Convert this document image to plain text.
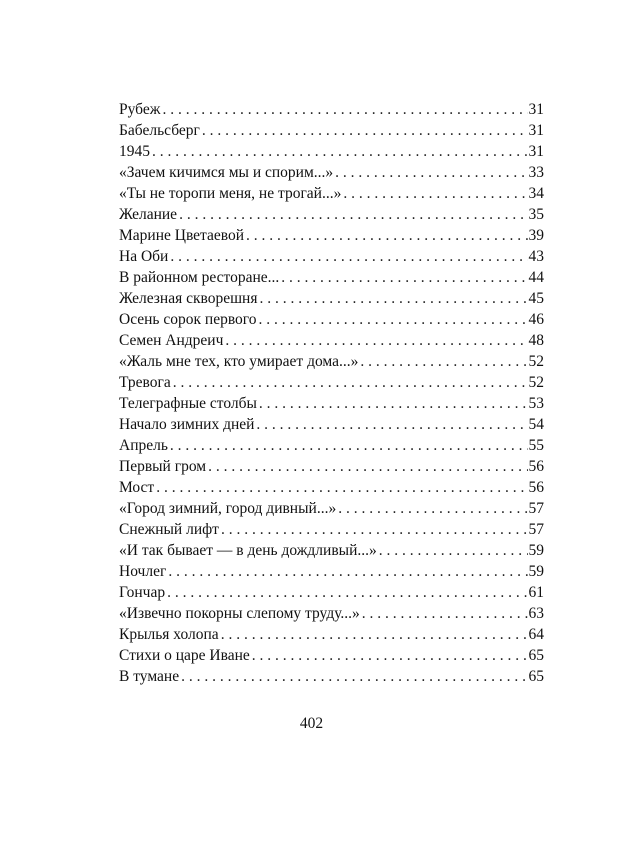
Рубеж . . .	31
Бабельсберг . . .	31
1945 . . .	31
«Зачем кичимся мы и спорим...» . . .	33
«Ты не торопи меня, не трогай...» . . .	34
Желание . . .	35
Марине Цветаевой . . .	39
На Оби . . .	43
В районном ресторане... . . .	44
Железная скворешня . . .	45
Осень сорок первого . . .	46
Семен Андреич . . .	48
«Жаль мне тех, кто умирает дома...» . . .	52
Тревога . . .	52
Телеграфные столбы . . .	53
Начало зимних дней . . .	54
Апрель . . .	55
Первый гром . . .	56
Мост . . .	56
«Город зимний, город дивный...» . . .	57
Снежный лифт . . .	57
«И так бывает — в день дождливый...» . . .	59
Ночлег . . .	59
Гончар . . .	61
«Извечно покорны слепому труду...» . . .	63
Крылья холопа . . .	64
Стихи о царе Иване . . .	65
В тумане . . .	65
402
